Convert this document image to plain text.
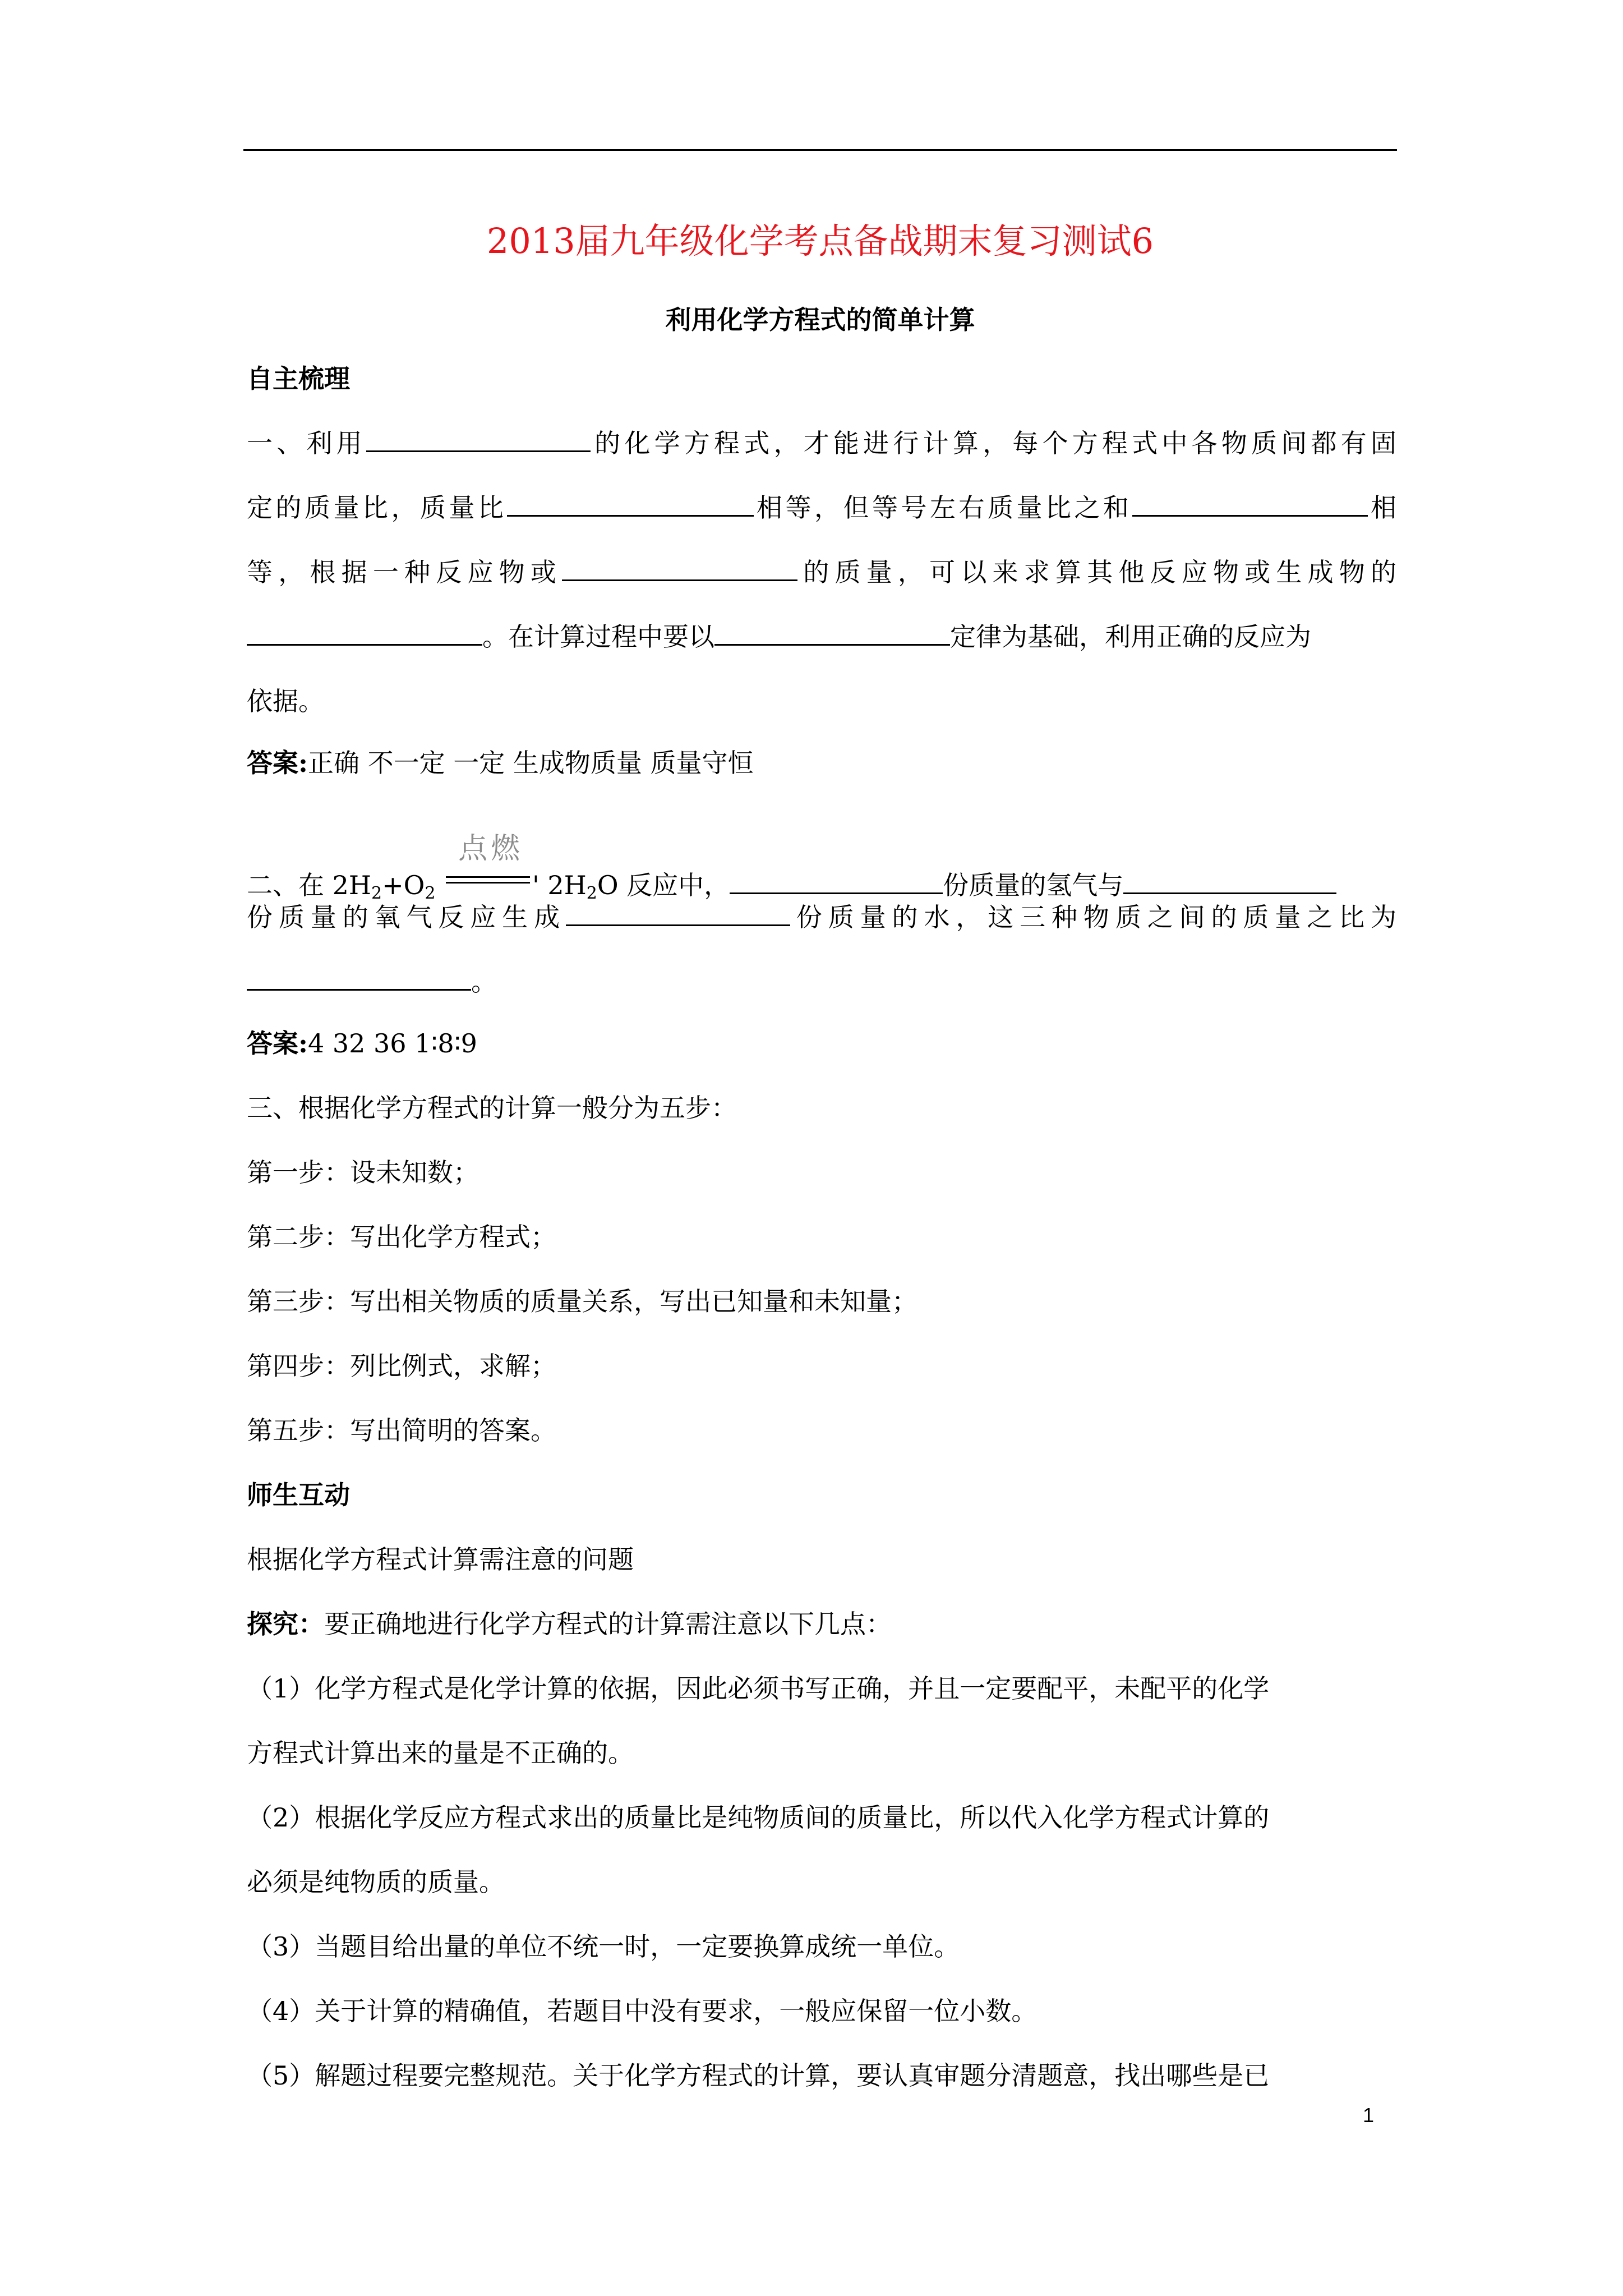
2013届九年级化学考点备战期末复习测试6
利用化学方程式的简单计算
自主梳理
一、利用	的化学方程式，才能进行计算，每个方程式中各物质间都有固
定的质量比，质量比	相等，但等号左右质量比之和	相
等，根据一种反应物或	的质量，可以来求算其他反应物或生成物的
。在计算过程中要以	定律为基础，利用正确的反应为
依据。
答案:正确 不一定 一定 生成物质量 质量守恒
二、在 $2H_2+O_2$
点燃
' $2H_2O$ 反应中，	份质量的氢气与
份质量的氧气反应生成	份质量的水，这三种物质之间的质量之比为
。
答案:4 32 36 1∶8∶9
三、根据化学方程式的计算一般分为五步：
第一步：设未知数；
第二步：写出化学方程式；
第三步：写出相关物质的质量关系，写出已知量和未知量；
第四步：列比例式，求解；
第五步：写出简明的答案。
师生互动
根据化学方程式计算需注意的问题
探究：要正确地进行化学方程式的计算需注意以下几点：
（1）化学方程式是化学计算的依据，因此必须书写正确，并且一定要配平，未配平的化学
方程式计算出来的量是不正确的。
（2）根据化学反应方程式求出的质量比是纯物质间的质量比，所以代入化学方程式计算的
必须是纯物质的质量。
（3）当题目给出量的单位不统一时，一定要换算成统一单位。
（4）关于计算的精确值，若题目中没有要求，一般应保留一位小数。
（5）解题过程要完整规范。关于化学方程式的计算，要认真审题分清题意，找出哪些是已
1
